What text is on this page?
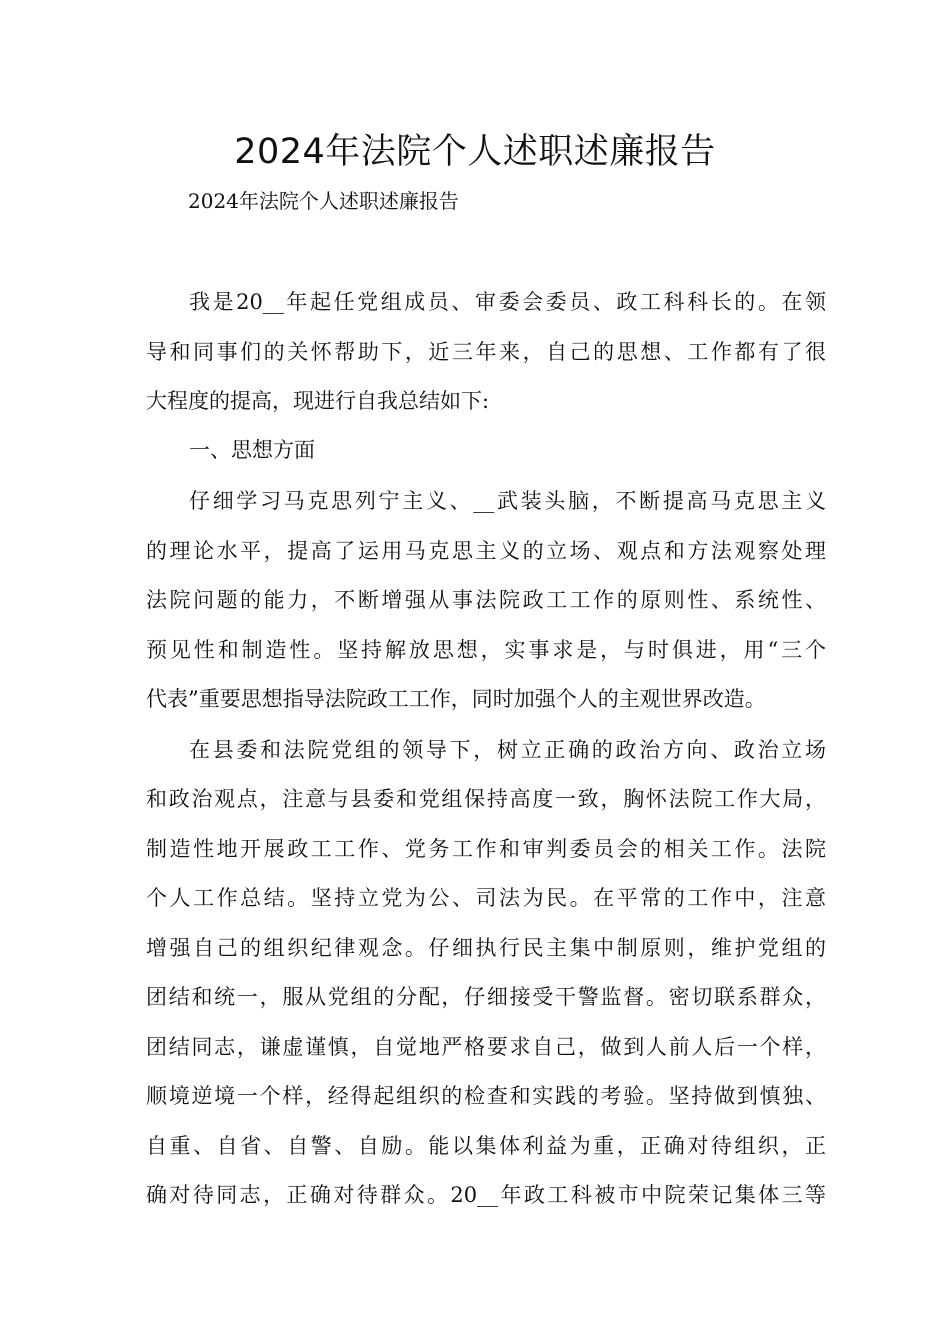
2024年法院个人述职述廉报告
2024年法院个人述职述廉报告
我是20__年起任党组成员、审委会委员、政工科科长的。在领
导和同事们的关怀帮助下，近三年来，自己的思想、工作都有了很
大程度的提高，现进行自我总结如下:
一、思想方面
仔细学习马克思列宁主义、__武装头脑，不断提高马克思主义
的理论水平，提高了运用马克思主义的立场、观点和方法观察处理
法院问题的能力，不断增强从事法院政工工作的原则性、系统性、
预见性和制造性。坚持解放思想，实事求是，与时俱进，用“三个
代表”重要思想指导法院政工工作，同时加强个人的主观世界改造。
在县委和法院党组的领导下，树立正确的政治方向、政治立场
和政治观点，注意与县委和党组保持高度一致，胸怀法院工作大局，
制造性地开展政工工作、党务工作和审判委员会的相关工作。法院
个人工作总结。坚持立党为公、司法为民。在平常的工作中，注意
增强自己的组织纪律观念。仔细执行民主集中制原则，维护党组的
团结和统一，服从党组的分配，仔细接受干警监督。密切联系群众，
团结同志，谦虚谨慎，自觉地严格要求自己，做到人前人后一个样，
顺境逆境一个样，经得起组织的检查和实践的考验。坚持做到慎独、
自重、自省、自警、自励。能以集体利益为重，正确对待组织，正
确对待同志，正确对待群众。20__年政工科被市中院荣记集体三等
